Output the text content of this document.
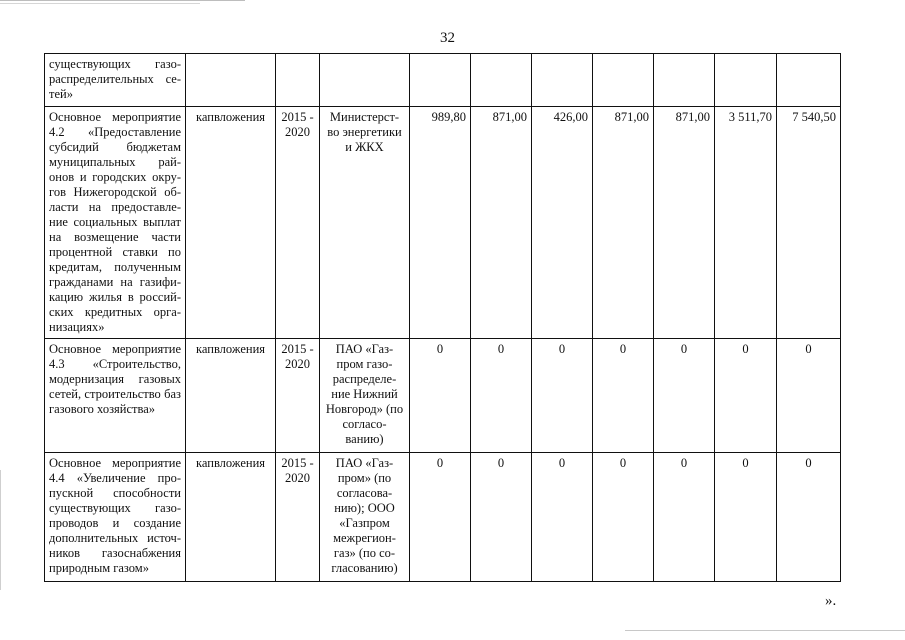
32
существующих газо-распределительных се-тей»										
Основное мероприятие 4.2 «Предоставление субсидий бюджетам муниципальных рай-онов и городских окру-гов Нижегородской об-ласти на предоставле-ние социальных выплат на возмещение части процентной ставки по кредитам, полученным гражданами на газифи-кацию жилья в россий-ских кредитных орга-низациях»	капвложения	2015 - 2020	Министерст-во энергетики и ЖКХ	989,80	871,00	426,00	871,00	871,00	3 511,70	7 540,50
Основное мероприятие 4.3 «Строительство, модернизация газовых сетей, строительство баз газового хозяйства»	капвложения	2015 - 2020	ПАО «Газ-пром газо-распределе-ние Нижний Новгород» (по согласо-ванию)	0	0	0	0	0	0	0
Основное мероприятие 4.4 «Увеличение про-пускной способности существующих газо-проводов и создание дополнительных источ-ников газоснабжения природным газом»	капвложения	2015 - 2020	ПАО «Газ-пром» (по согласова-нию); ООО «Газпром межрегион-газ» (по со-гласованию)	0	0	0	0	0	0	0
».
